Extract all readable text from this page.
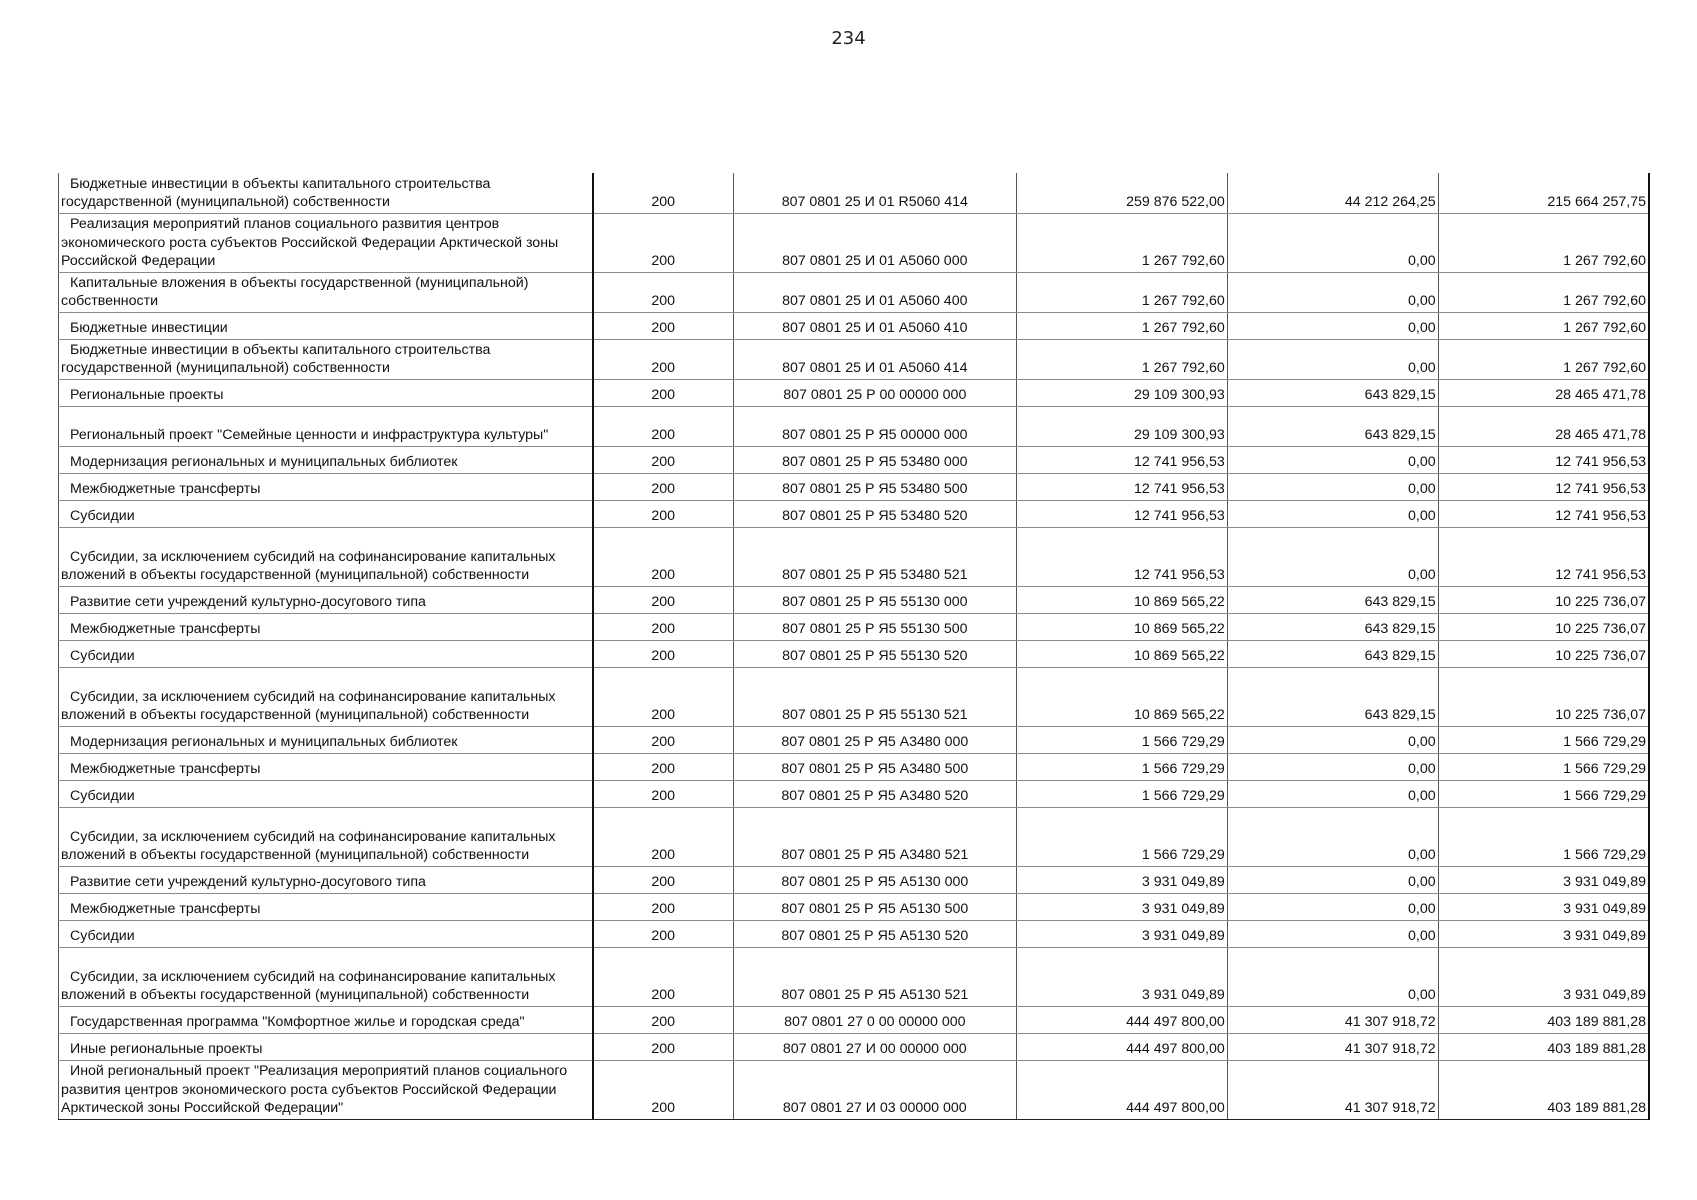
234
Бюджетные инвестиции в объекты капитального строительства государственной (муниципальной) собственности	200	807 0801 25 И 01 R5060 414	259 876 522,00	44 212 264,25	215 664 257,75
Реализация мероприятий планов социального развития центров экономического роста субъектов Российской Федерации Арктической зоны Российской Федерации	200	807 0801 25 И 01 А5060 000	1 267 792,60	0,00	1 267 792,60
Капитальные вложения в объекты государственной (муниципальной) собственности	200	807 0801 25 И 01 А5060 400	1 267 792,60	0,00	1 267 792,60
Бюджетные инвестиции	200	807 0801 25 И 01 А5060 410	1 267 792,60	0,00	1 267 792,60
Бюджетные инвестиции в объекты капитального строительства государственной (муниципальной) собственности	200	807 0801 25 И 01 А5060 414	1 267 792,60	0,00	1 267 792,60
Региональные проекты	200	807 0801 25 Р 00 00000 000	29 109 300,93	643 829,15	28 465 471,78
Региональный проект "Семейные ценности и инфраструктура культуры"	200	807 0801 25 Р Я5 00000 000	29 109 300,93	643 829,15	28 465 471,78
Модернизация региональных и муниципальных библиотек	200	807 0801 25 Р Я5 53480 000	12 741 956,53	0,00	12 741 956,53
Межбюджетные трансферты	200	807 0801 25 Р Я5 53480 500	12 741 956,53	0,00	12 741 956,53
Субсидии	200	807 0801 25 Р Я5 53480 520	12 741 956,53	0,00	12 741 956,53
Субсидии, за исключением субсидий на софинансирование капитальных вложений в объекты государственной (муниципальной) собственности	200	807 0801 25 Р Я5 53480 521	12 741 956,53	0,00	12 741 956,53
Развитие сети учреждений культурно-досугового типа	200	807 0801 25 Р Я5 55130 000	10 869 565,22	643 829,15	10 225 736,07
Межбюджетные трансферты	200	807 0801 25 Р Я5 55130 500	10 869 565,22	643 829,15	10 225 736,07
Субсидии	200	807 0801 25 Р Я5 55130 520	10 869 565,22	643 829,15	10 225 736,07
Субсидии, за исключением субсидий на софинансирование капитальных вложений в объекты государственной (муниципальной) собственности	200	807 0801 25 Р Я5 55130 521	10 869 565,22	643 829,15	10 225 736,07
Модернизация региональных и муниципальных библиотек	200	807 0801 25 Р Я5 А3480 000	1 566 729,29	0,00	1 566 729,29
Межбюджетные трансферты	200	807 0801 25 Р Я5 А3480 500	1 566 729,29	0,00	1 566 729,29
Субсидии	200	807 0801 25 Р Я5 А3480 520	1 566 729,29	0,00	1 566 729,29
Субсидии, за исключением субсидий на софинансирование капитальных вложений в объекты государственной (муниципальной) собственности	200	807 0801 25 Р Я5 А3480 521	1 566 729,29	0,00	1 566 729,29
Развитие сети учреждений культурно-досугового типа	200	807 0801 25 Р Я5 А5130 000	3 931 049,89	0,00	3 931 049,89
Межбюджетные трансферты	200	807 0801 25 Р Я5 А5130 500	3 931 049,89	0,00	3 931 049,89
Субсидии	200	807 0801 25 Р Я5 А5130 520	3 931 049,89	0,00	3 931 049,89
Субсидии, за исключением субсидий на софинансирование капитальных вложений в объекты государственной (муниципальной) собственности	200	807 0801 25 Р Я5 А5130 521	3 931 049,89	0,00	3 931 049,89
Государственная программа "Комфортное жилье и городская среда"	200	807 0801 27 0 00 00000 000	444 497 800,00	41 307 918,72	403 189 881,28
Иные региональные проекты	200	807 0801 27 И 00 00000 000	444 497 800,00	41 307 918,72	403 189 881,28
Иной региональный проект "Реализация мероприятий планов социального развития центров экономического роста субъектов Российской Федерации Арктической зоны Российской Федерации"	200	807 0801 27 И 03 00000 000	444 497 800,00	41 307 918,72	403 189 881,28
